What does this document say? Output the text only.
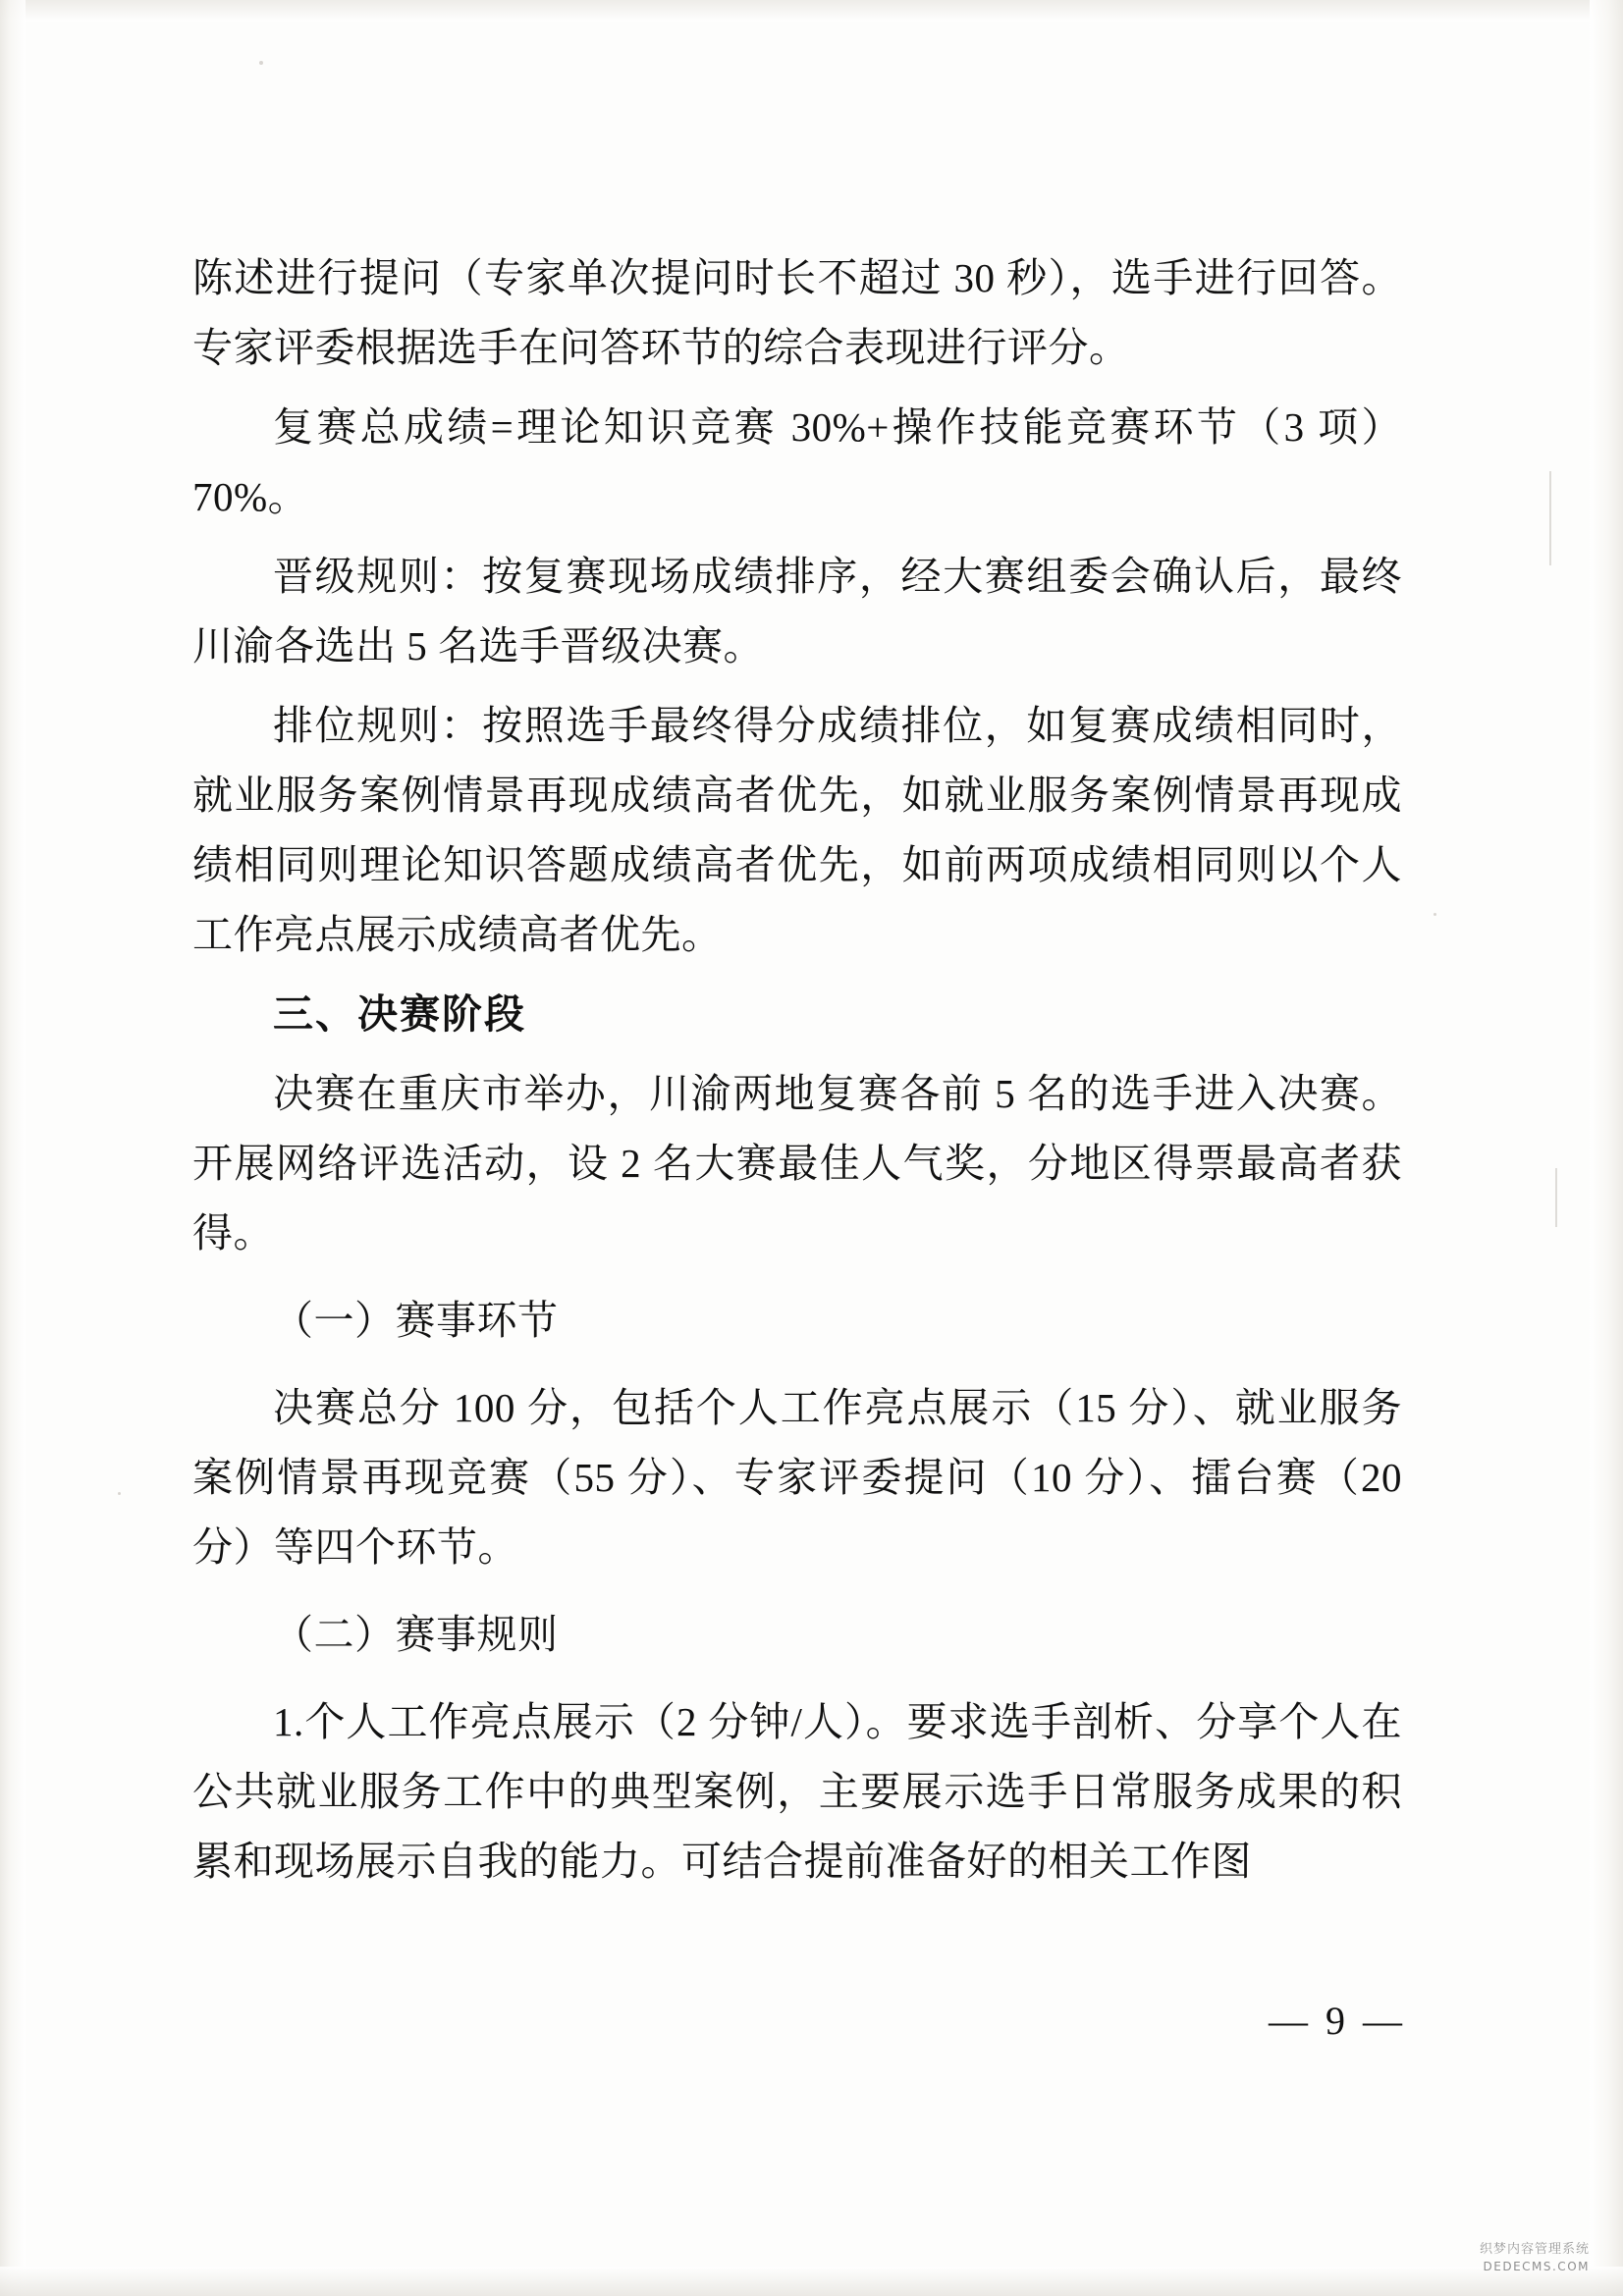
陈述进行提问（专家单次提问时长不超过 30 秒），选手进行回答。专家评委根据选手在问答环节的综合表现进行评分。

复赛总成绩=理论知识竞赛 30%+操作技能竞赛环节（3 项）70%。

晋级规则：按复赛现场成绩排序，经大赛组委会确认后，最终川渝各选出 5 名选手晋级决赛。

排位规则：按照选手最终得分成绩排位，如复赛成绩相同时，就业服务案例情景再现成绩高者优先，如就业服务案例情景再现成绩相同则理论知识答题成绩高者优先，如前两项成绩相同则以个人工作亮点展示成绩高者优先。

三、决赛阶段

决赛在重庆市举办，川渝两地复赛各前 5 名的选手进入决赛。开展网络评选活动，设 2 名大赛最佳人气奖，分地区得票最高者获得。

（一）赛事环节

决赛总分 100 分，包括个人工作亮点展示（15 分）、就业服务案例情景再现竞赛（55 分）、专家评委提问（10 分）、擂台赛（20 分）等四个环节。

（二）赛事规则

1.个人工作亮点展示（2 分钟/人）。要求选手剖析、分享个人在公共就业服务工作中的典型案例，主要展示选手日常服务成果的积累和现场展示自我的能力。可结合提前准备好的相关工作图

— 9 —
织梦内容管理系统
DEDECMS.COM
